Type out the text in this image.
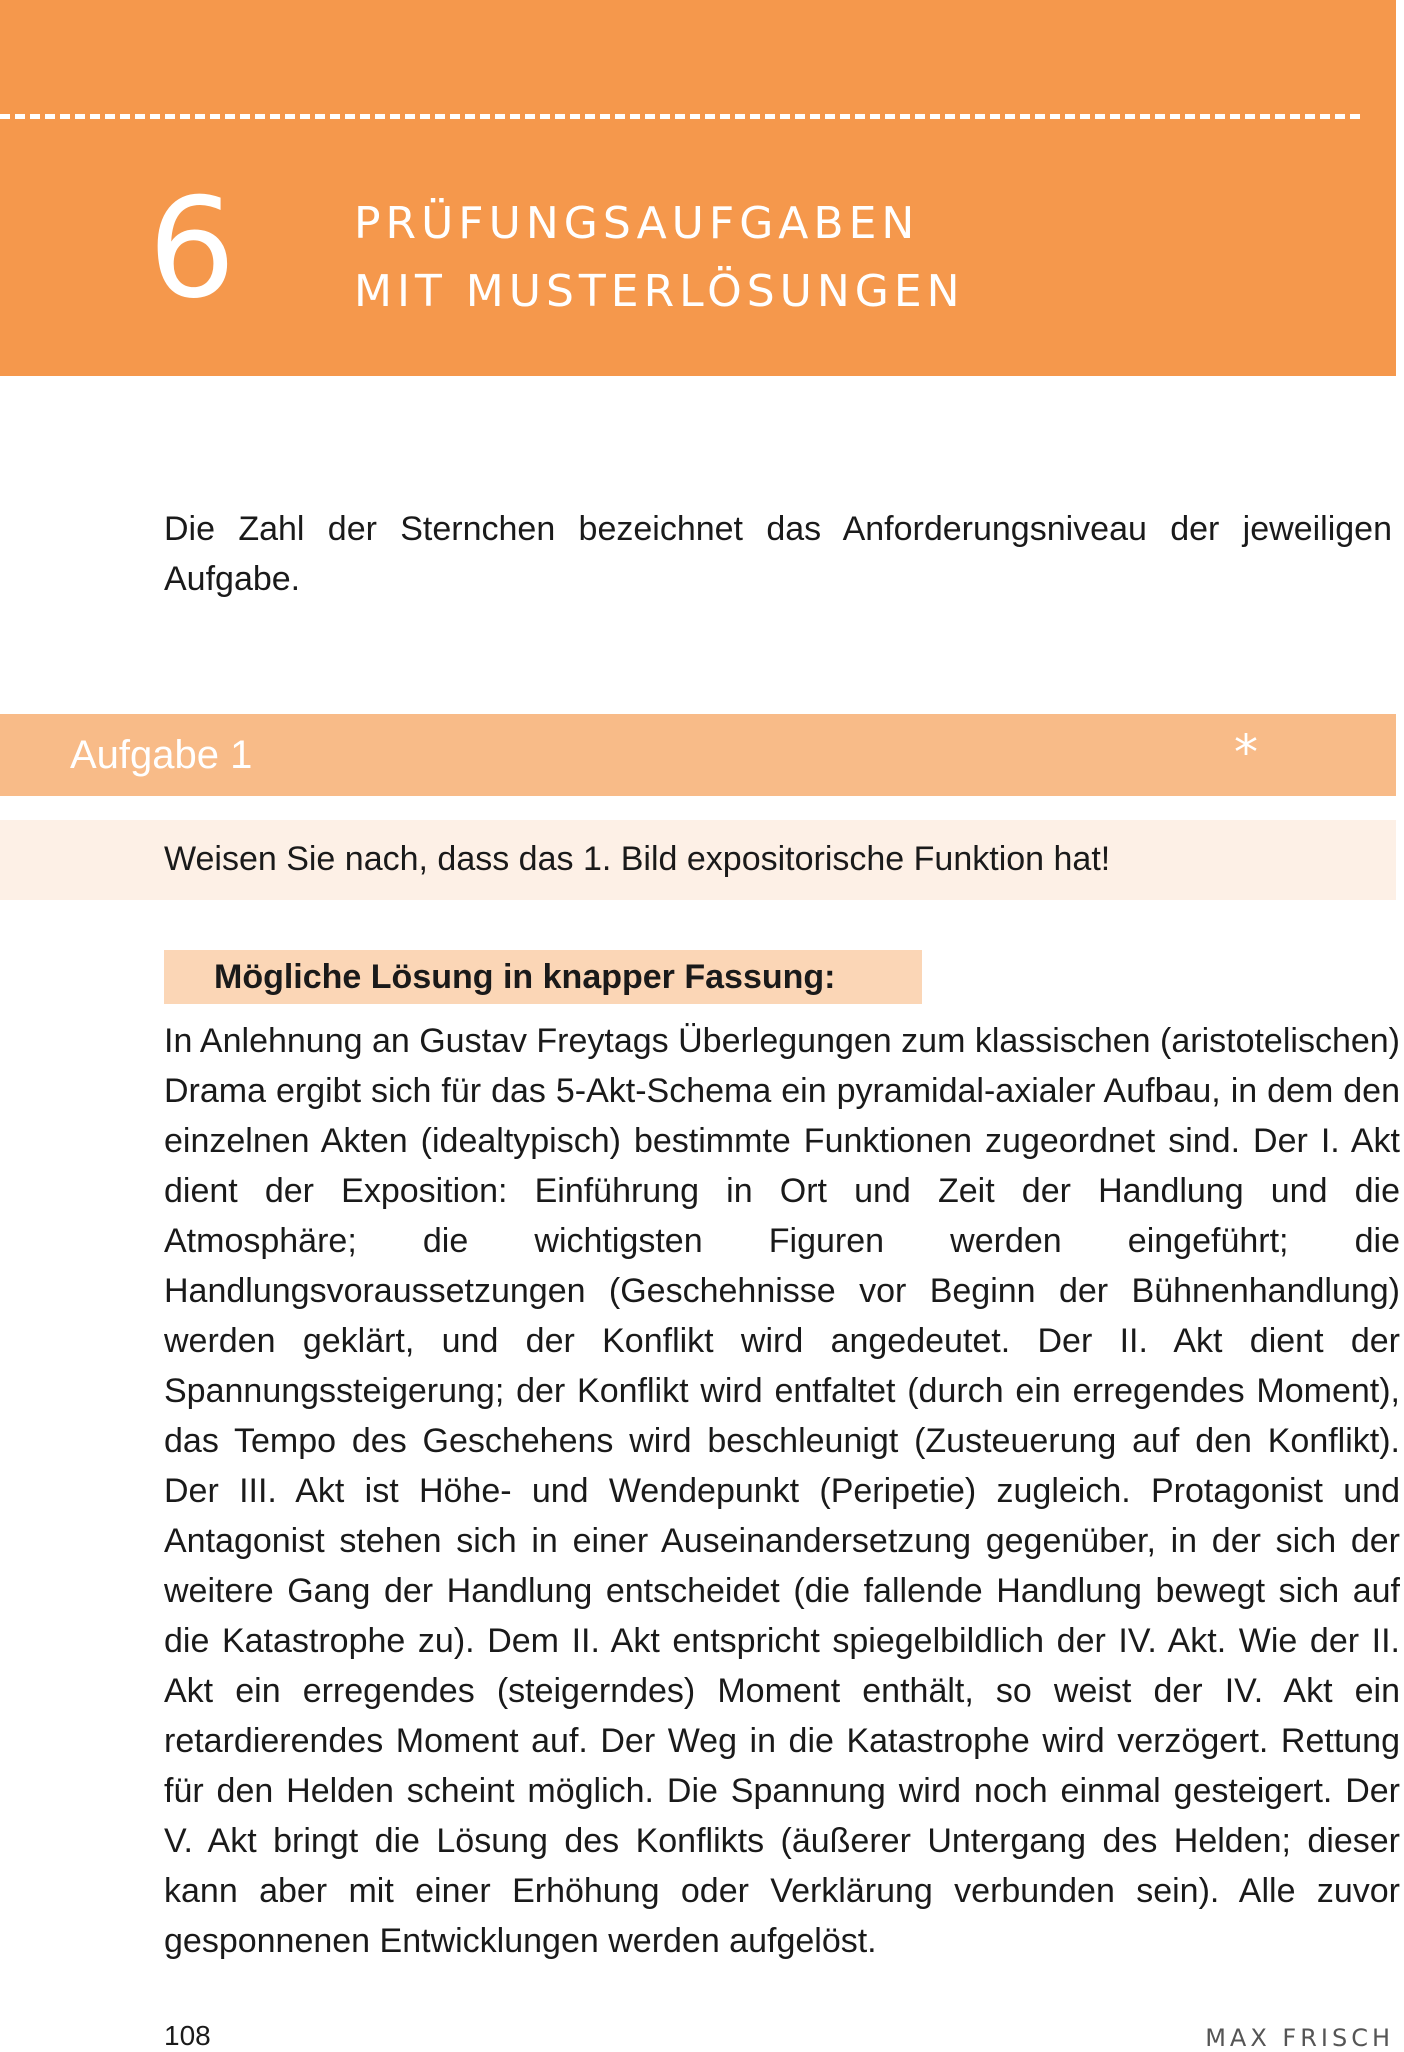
6	PRÜFUNGSAUFGABEN
MIT MUSTERLÖSUNGEN

Die Zahl der Sternchen bezeichnet das Anforderungsniveau der jeweiligen Aufgabe.

Aufgabe 1	*
Weisen Sie nach, dass das 1. Bild expositorische Funktion hat!
Mögliche Lösung in knapper Fassung:

In Anlehnung an Gustav Freytags Überlegungen zum klassischen (aristotelischen) Drama ergibt sich für das 5-Akt-Schema ein pyramidal-axialer Aufbau, in dem den einzelnen Akten (idealtypisch) bestimmte Funktionen zugeordnet sind. Der I. Akt dient der Exposition: Einführung in Ort und Zeit der Handlung und die Atmosphäre; die wichtigsten Figuren werden eingeführt; die Handlungsvoraussetzungen (Geschehnisse vor Beginn der Bühnenhandlung) werden geklärt, und der Konflikt wird angedeutet. Der II. Akt dient der Spannungssteigerung; der Konflikt wird entfaltet (durch ein erregendes Moment), das Tempo des Geschehens wird beschleunigt (Zusteuerung auf den Konflikt). Der III. Akt ist Höhe- und Wendepunkt (Peripetie) zugleich. Protagonist und Antagonist stehen sich in einer Auseinandersetzung gegenüber, in der sich der weitere Gang der Handlung entscheidet (die fallende Handlung bewegt sich auf die Katastrophe zu). Dem II. Akt entspricht spiegelbildlich der IV. Akt. Wie der II. Akt ein erregendes (steigerndes) Moment enthält, so weist der IV. Akt ein retardierendes Moment auf. Der Weg in die Katastrophe wird verzögert. Rettung für den Helden scheint möglich. Die Spannung wird noch einmal gesteigert. Der V. Akt bringt die Lösung des Konflikts (äußerer Untergang des Helden; dieser kann aber mit einer Erhöhung oder Verklärung verbunden sein). Alle zuvor gesponnenen Entwicklungen werden aufgelöst.

108	MAX FRISCH
